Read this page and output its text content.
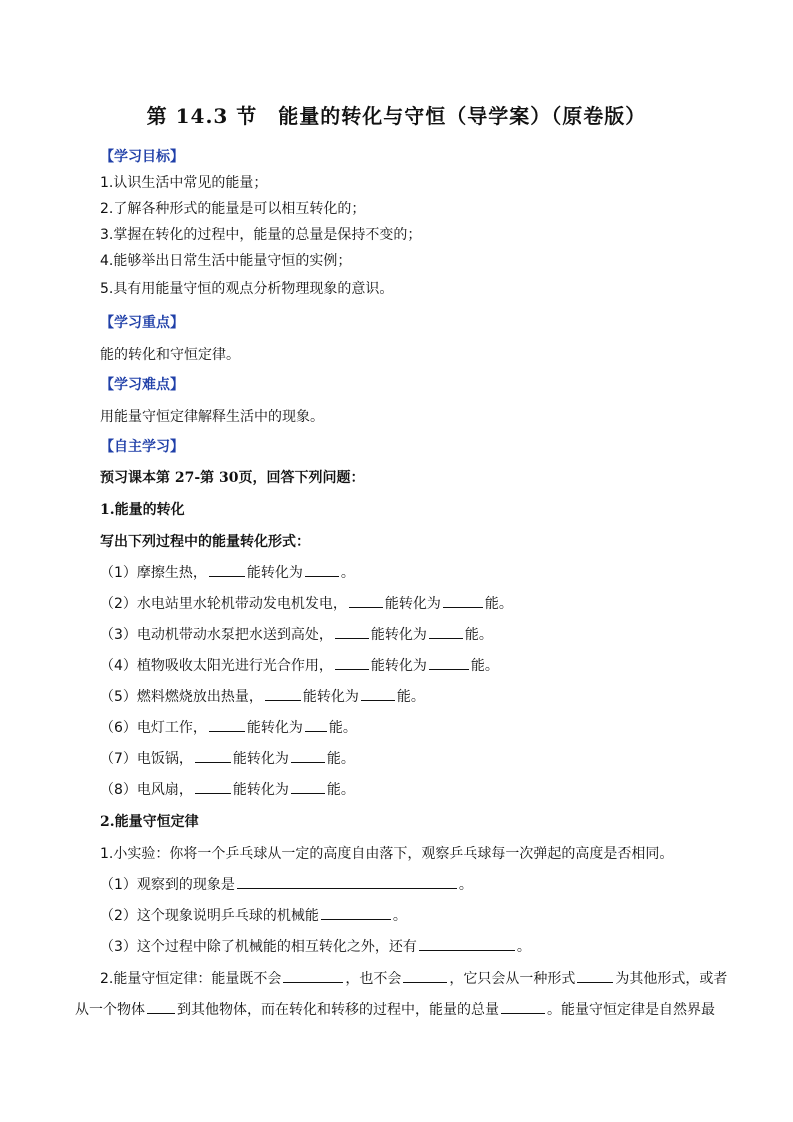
第 14.3 节　能量的转化与守恒（导学案）（原卷版）
【学习目标】
1.认识生活中常见的能量；
2.了解各种形式的能量是可以相互转化的；
3.掌握在转化的过程中，能量的总量是保持不变的；
4.能够举出日常生活中能量守恒的实例；
5.具有用能量守恒的观点分析物理现象的意识。
【学习重点】
能的转化和守恒定律。
【学习难点】
用能量守恒定律解释生活中的现象。
【自主学习】
预习课本第 27-第 30页，回答下列问题：
1.能量的转化
写出下列过程中的能量转化形式：
（1）摩擦生热，	能转化为	。
（2）水电站里水轮机带动发电机发电，	能转化为	能。
（3）电动机带动水泵把水送到高处，	能转化为	能。
（4）植物吸收太阳光进行光合作用，	能转化为	能。
（5）燃料燃烧放出热量，	能转化为	能。
（6）电灯工作，	能转化为 能。
（7）电饭锅，	能转化为	能。
（8）电风扇，	能转化为	能。
2.能量守恒定律
1.小实验：你将一个乒乓球从一定的高度自由落下，观察乒乓球每一次弹起的高度是否相同。
（1）观察到的现象是	。
（2）这个现象说明乒乓球的机械能	。
（3）这个过程中除了机械能的相互转化之外，还有	。
2.能量守恒定律：能量既不会	，也不会	，它只会从一种形式	为其他形式，或者
从一个物体 到其他物体，而在转化和转移的过程中，能量的总量	。能量守恒定律是自然界最
